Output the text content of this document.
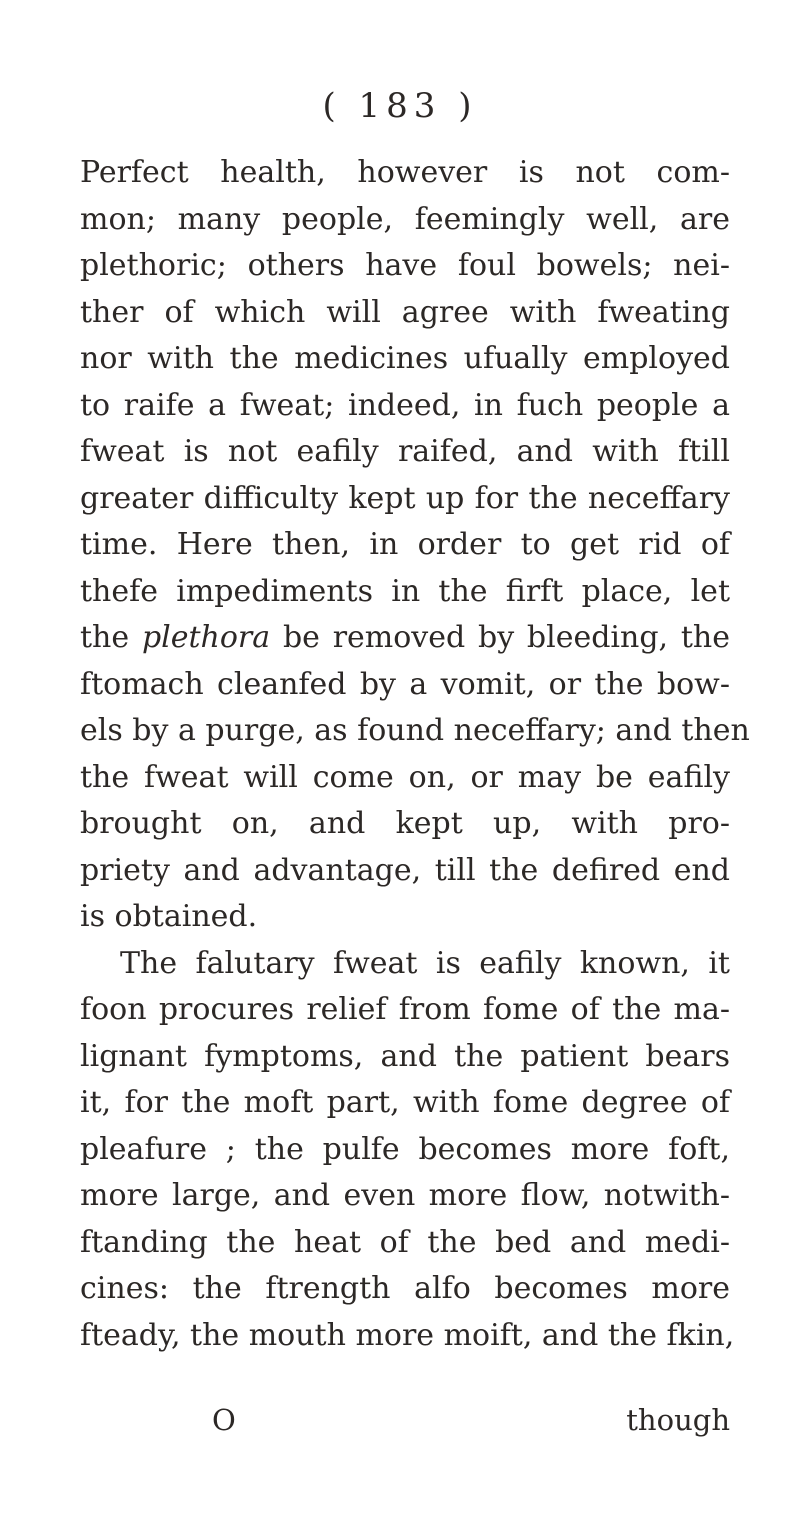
( 183 )
Perfect health, however is not com-
mon; many people, feemingly well, are
plethoric; others have foul bowels; nei-
ther of which will agree with fweating
nor with the medicines ufually employed
to raife a fweat; indeed, in fuch people a
fweat is not eafily raifed, and with ftill
greater difficulty kept up for the neceffary
time. Here then, in order to get rid of
thefe impediments in the firft place, let
the plethora be removed by bleeding, the
ftomach cleanfed by a vomit, or the bow-
els by a purge, as found neceffary; and then
the fweat will come on, or may be eafily
brought on, and kept up, with pro-
priety and advantage, till the defired end
is obtained.
The falutary fweat is eafily known, it
foon procures relief from fome of the ma-
lignant fymptoms, and the patient bears
it, for the moft part, with fome degree of
pleafure ; the pulfe becomes more foft,
more large, and even more flow, notwith-
ftanding the heat of the bed and medi-
cines: the ftrength alfo becomes more
fteady, the mouth more moift, and the fkin,
O	though
